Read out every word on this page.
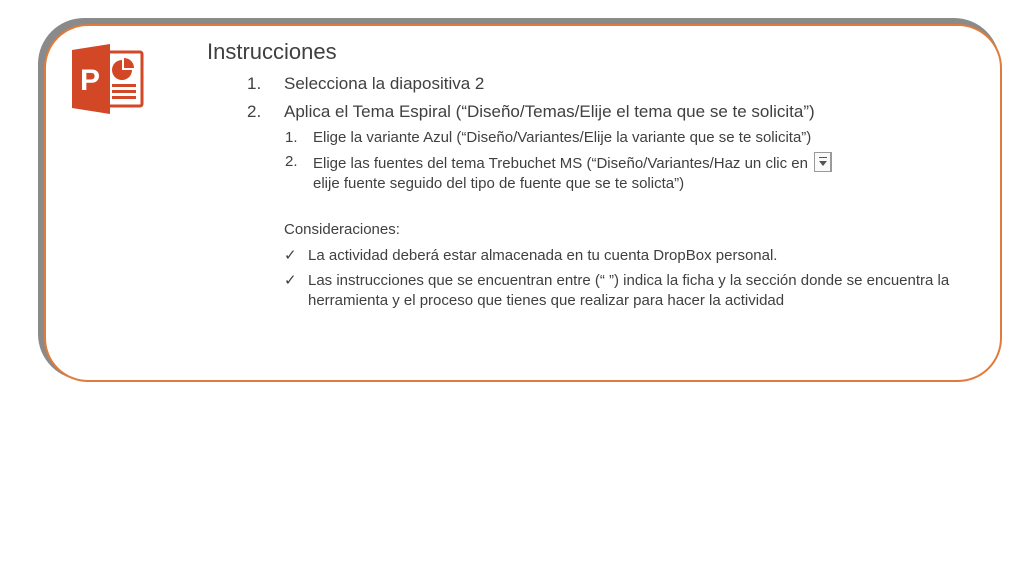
P
Instrucciones
1. Selecciona la diapositiva 2
2. Aplica el Tema Espiral (“Diseño/Temas/Elije el tema que se te solicita”)
1. Elige la variante Azul (“Diseño/Variantes/Elije la variante que se te solicita”)
2. Elige las fuentes del tema Trebuchet MS (“Diseño/Variantes/Haz un clic en

elije fuente seguido del tipo de fuente que se te solicta”)
Consideraciones:
✓ La actividad deberá estar almacenada en tu cuenta DropBox personal.
✓ Las instrucciones que se encuentran entre (“ ”) indica la ficha y la sección donde se encuentra la herramienta y el proceso que tienes que realizar para hacer la actividad
